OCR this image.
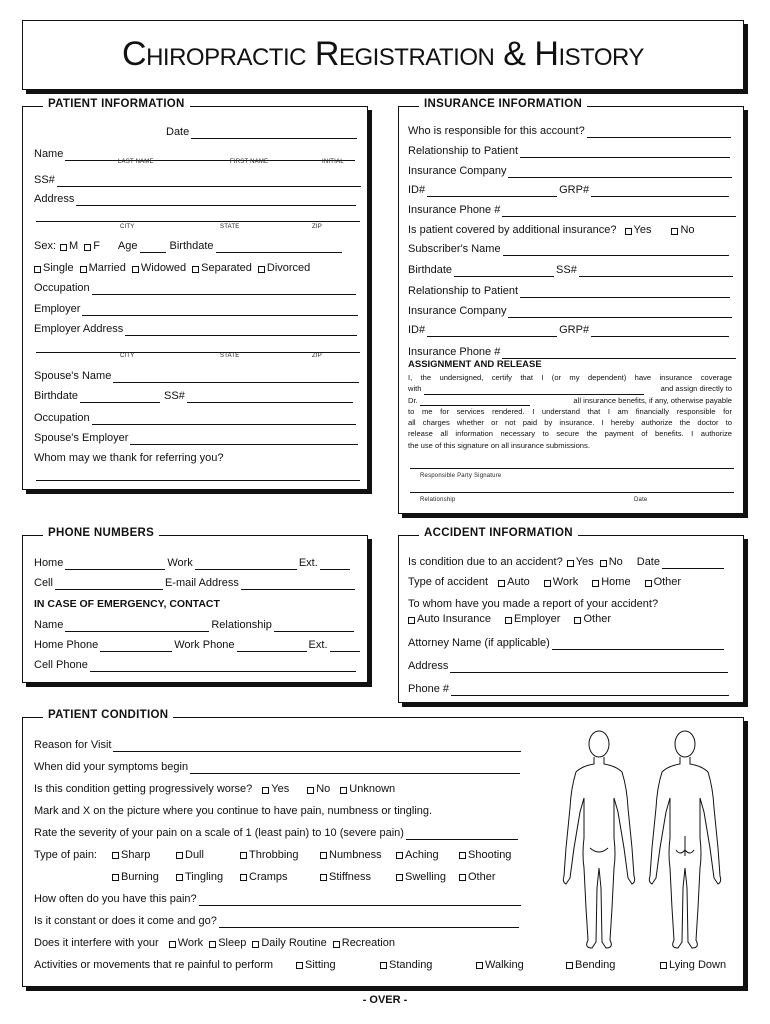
Chiropractic Registration & History
PATIENT INFORMATION
Date
Name
LAST NAME	FIRST NAME	INITIAL
SS#
Address
CITY	STATE	ZIP
Sex: M F Age	Birthdate
Single Married Widowed Separated Divorced
Occupation
Employer
Employer Address
CITY	STATE	ZIP
Spouse's Name
Birthdate	SS#
Occupation
Spouse's Employer
Whom may we thank for referring you?
INSURANCE INFORMATION
Who is responsible for this account?
Relationship to Patient
Insurance Company
ID#	GRP#
Insurance Phone #
Is patient covered by additional insurance? Yes	No
Subscriber's Name
Birthdate	SS#
Relationship to Patient
Insurance Company
ID#	GRP#
Insurance Phone #
ASSIGNMENT AND RELEASE
I, the undersigned, certify that I (or my dependent) have insurance coverage
with	and assign directly to
Dr.	all insurance benefits, if any, otherwise payable
to me for services rendered. I understand that I am financially responsible for
all charges whether or not paid by insurance. I hereby authorize the doctor to
release all information necessary to secure the payment of benefits. I authorize
the use of this signature on all insurance submissions.
Responsible Party Signature
Relationship	Date
PHONE NUMBERS
Home	Work	Ext.
Cell	E-mail Address
IN CASE OF EMERGENCY, CONTACT
Name	Relationship
Home Phone	Work Phone	Ext.
Cell Phone
ACCIDENT INFORMATION
Is condition due to an accident? Yes No Date
Type of accident Auto Work Home Other
To whom have you made a report of your accident?
Auto Insurance Employer Other
Attorney Name (if applicable)
Address
Phone #
PATIENT CONDITION
Reason for Visit
When did your symptoms begin
Is this condition getting progressively worse? Yes No Unknown
Mark and X on the picture where you continue to have pain, numbness or tingling.
Rate the severity of your pain on a scale of 1 (least pain) to 10 (severe pain)
Type of pain: Sharp	Dull	Throbbing	Numbness Aching	Shooting
Burning Tingling Cramps	Stiffness	Swelling Other
How often do you have this pain?
Is it constant or does it come and go?
Does it interfere with your Work Sleep Daily Routine Recreation
Activities or movements that re painful to perform	Sitting	Standing	Walking	Bending	Lying Down
- OVER -
